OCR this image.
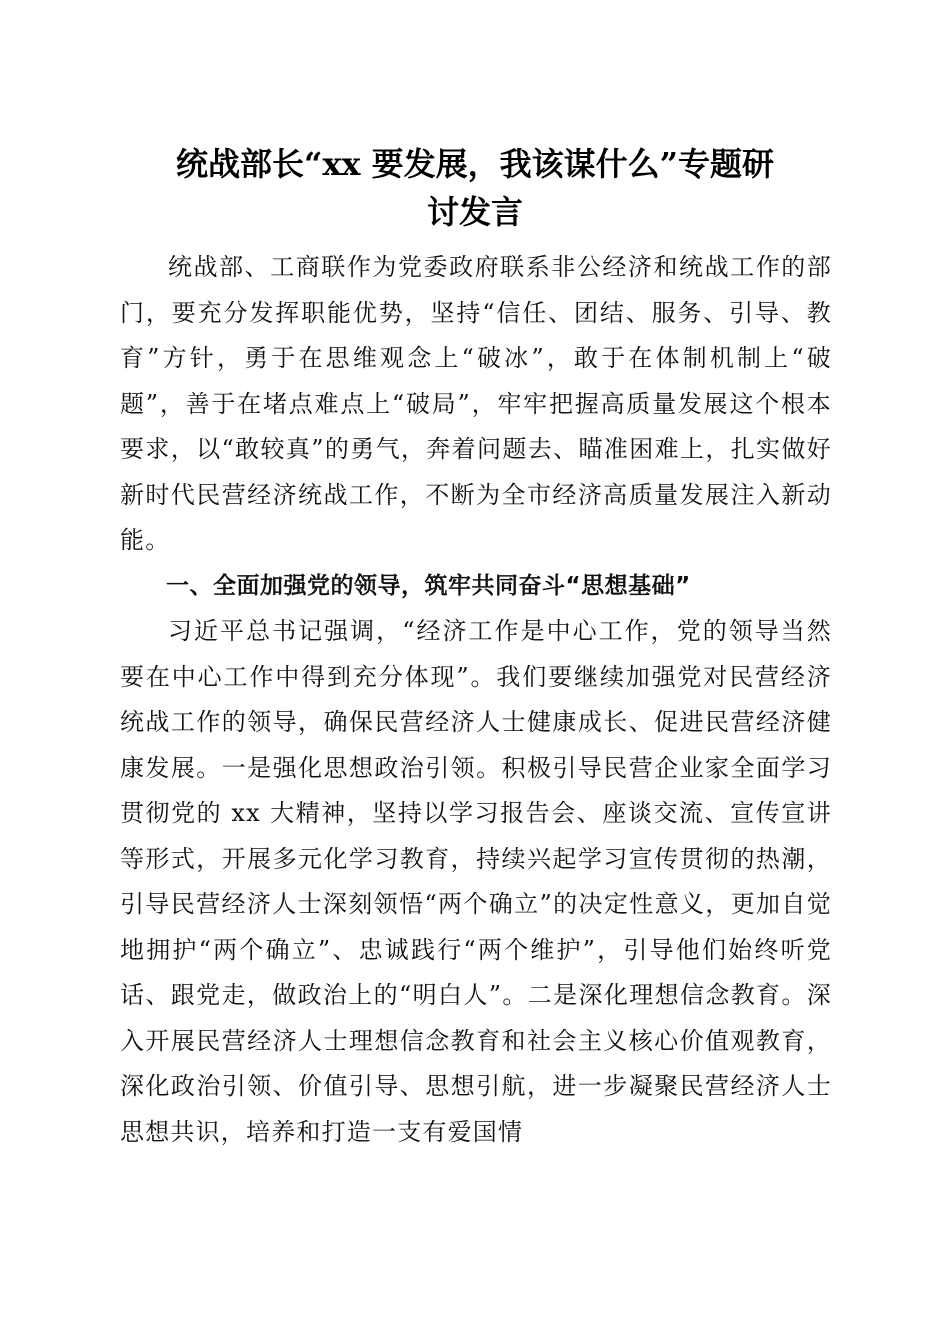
统战部长“xx 要发展，我该谋什么”专题研
讨发言

统战部、工商联作为党委政府联系非公经济和统战工作的部门，要充分发挥职能优势，坚持“信任、团结、服务、引导、教育”方针，勇于在思维观念上“破冰”，敢于在体制机制上“破题”，善于在堵点难点上“破局”，牢牢把握高质量发展这个根本要求，以“敢较真”的勇气，奔着问题去、瞄准困难上，扎实做好新时代民营经济统战工作，不断为全市经济高质量发展注入新动能。

一、全面加强党的领导，筑牢共同奋斗“思想基础”

习近平总书记强调，“经济工作是中心工作，党的领导当然要在中心工作中得到充分体现”。我们要继续加强党对民营经济统战工作的领导，确保民营经济人士健康成长、促进民营经济健康发展。一是强化思想政治引领。积极引导民营企业家全面学习贯彻党的 xx 大精神，坚持以学习报告会、座谈交流、宣传宣讲等形式，开展多元化学习教育，持续兴起学习宣传贯彻的热潮，引导民营经济人士深刻领悟“两个确立”的决定性意义，更加自觉地拥护“两个确立”、忠诚践行“两个维护”，引导他们始终听党话、跟党走，做政治上的“明白人”。二是深化理想信念教育。深入开展民营经济人士理想信念教育和社会主义核心价值观教育，深化政治引领、价值引导、思想引航，进一步凝聚民营经济人士思想共识，培养和打造一支有爱国情
